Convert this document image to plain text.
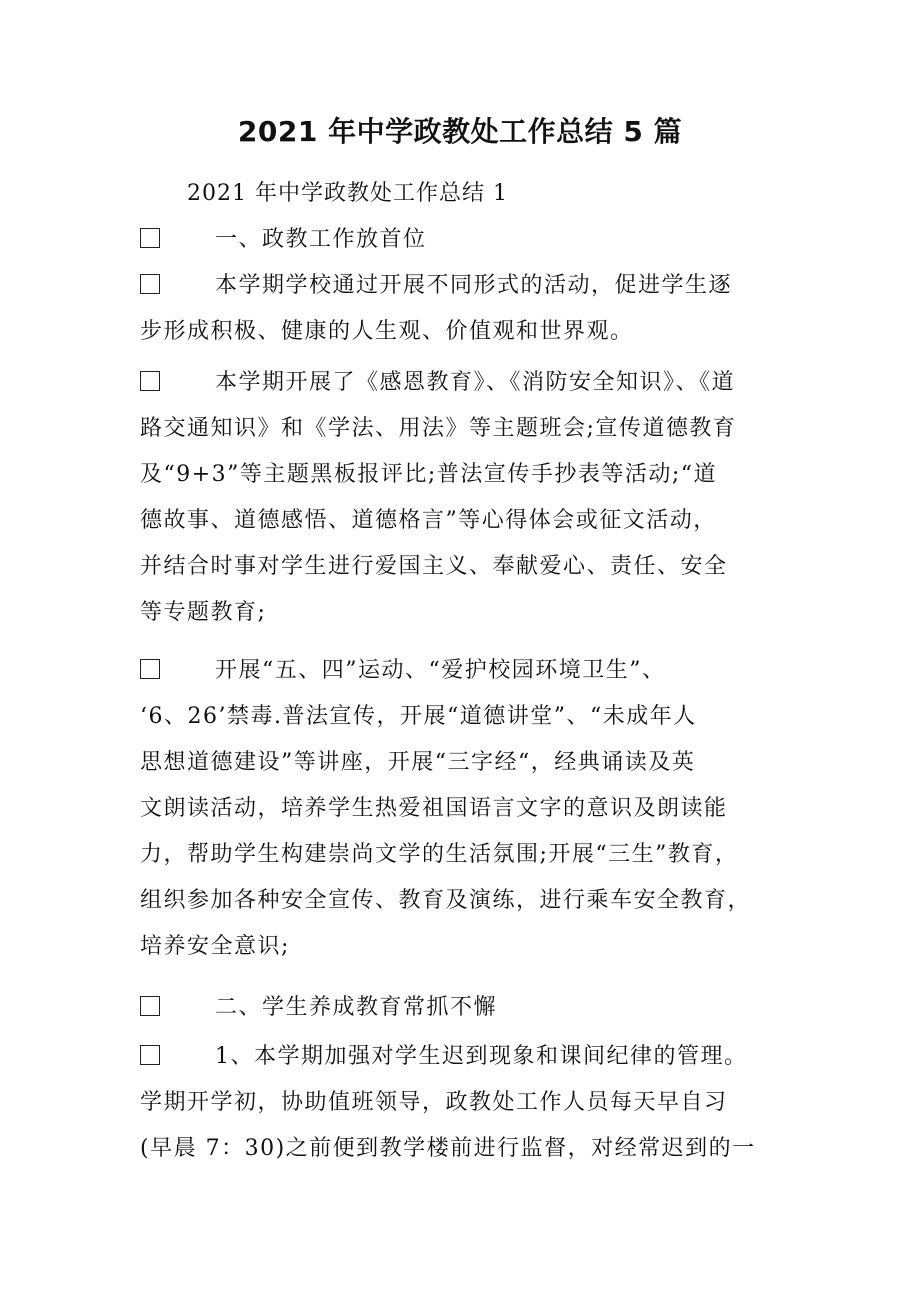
2021 年中学政教处工作总结 5 篇
2021 年中学政教处工作总结 1
一、政教工作放首位
本学期学校通过开展不同形式的活动，促进学生逐
步形成积极、健康的人生观、价值观和世界观。
本学期开展了《感恩教育》、《消防安全知识》、《道
路交通知识》和《学法、用法》等主题班会;宣传道德教育
及“9+3”等主题黑板报评比;普法宣传手抄表等活动;“道
德故事、道德感悟、道德格言”等心得体会或征文活动，
并结合时事对学生进行爱国主义、奉献爱心、责任、安全
等专题教育;
开展“五、四”运动、“爱护校园环境卫生”、
‘6、26’禁毒.普法宣传，开展“道德讲堂”、“未成年人
思想道德建设”等讲座，开展“三字经“，经典诵读及英
文朗读活动，培养学生热爱祖国语言文字的意识及朗读能
力，帮助学生构建崇尚文学的生活氛围;开展“三生”教育，
组织参加各种安全宣传、教育及演练，进行乘车安全教育，
培养安全意识;
二、学生养成教育常抓不懈
1、本学期加强对学生迟到现象和课间纪律的管理。
学期开学初，协助值班领导，政教处工作人员每天早自习
(早晨 7：30)之前便到教学楼前进行监督，对经常迟到的一
